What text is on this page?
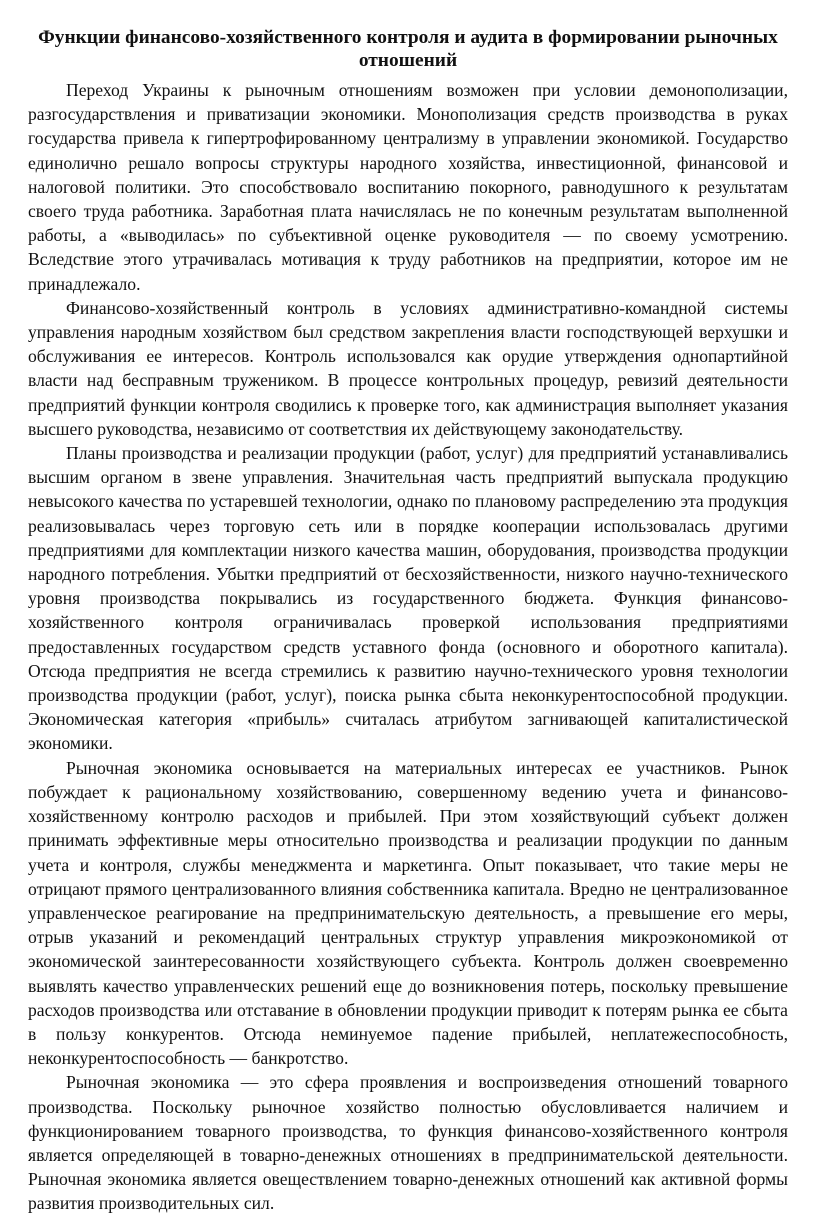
Функции финансово-хозяйственного контроля и аудита в формировании рыночных отношений

Переход Украины к рыночным отношениям возможен при условии демонополизации, разгосударствления и приватизации экономики. Монополизация средств производства в руках государства привела к гипертрофированному централизму в управлении экономикой. Государство единолично решало вопросы структуры народного хозяйства, инвестиционной, финансовой и налоговой политики. Это способствовало воспитанию покорного, равнодушного к результатам своего труда работника. Заработная плата начислялась не по конечным результатам выполненной работы, а «выводилась» по субъективной оценке руководителя — по своему усмотрению. Вследствие этого утрачивалась мотивация к труду работников на предприятии, которое им не принадлежало.

Финансово-хозяйственный контроль в условиях административно-командной системы управления народным хозяйством был средством закрепления власти господствующей верхушки и обслуживания ее интересов. Контроль использовался как орудие утверждения однопартийной власти над бесправным тружеником. В процессе контрольных процедур, ревизий деятельности предприятий функции контроля сводились к проверке того, как администрация выполняет указания высшего руководства, независимо от соответствия их действующему законодательству.

Планы производства и реализации продукции (работ, услуг) для предприятий устанавливались высшим органом в звене управления. Значительная часть предприятий выпускала продукцию невысокого качества по устаревшей технологии, однако по плановому распределению эта продукция реализовывалась через торговую сеть или в порядке кооперации использовалась другими предприятиями для комплектации низкого качества машин, оборудования, производства продукции народного потребления. Убытки предприятий от бесхозяйственности, низкого научно-технического уровня производства покрывались из государственного бюджета. Функция финансово-хозяйственного контроля ограничивалась проверкой использования предприятиями предоставленных государством средств уставного фонда (основного и оборотного капитала). Отсюда предприятия не всегда стремились к развитию научно-технического уровня технологии производства продукции (работ, услуг), поиска рынка сбыта неконкурентоспособной продукции. Экономическая категория «прибыль» считалась атрибутом загнивающей капиталистической экономики.

Рыночная экономика основывается на материальных интересах ее участников. Рынок побуждает к рациональному хозяйствованию, совершенному ведению учета и финансово-хозяйственному контролю расходов и прибылей. При этом хозяйствующий субъект должен принимать эффективные меры относительно производства и реализации продукции по данным учета и контроля, службы менеджмента и маркетинга. Опыт показывает, что такие меры не отрицают прямого централизованного влияния собственника капитала. Вредно не централизованное управленческое реагирование на предпринимательскую деятельность, а превышение его меры, отрыв указаний и рекомендаций центральных структур управления микроэкономикой от экономической заинтересованности хозяйствующего субъекта. Контроль должен своевременно выявлять качество управленческих решений еще до возникновения потерь, поскольку превышение расходов производства или отставание в обновлении продукции приводит к потерям рынка ее сбыта в пользу конкурентов. Отсюда неминуемое падение прибылей, неплатежеспособность, неконкурентоспособность — банкротство.

Рыночная экономика — это сфера проявления и воспроизведения отношений товарного производства. Поскольку рыночное хозяйство полностью обусловливается наличием и функционированием товарного производства, то функция финансово-хозяйственного контроля является определяющей в товарно-денежных отношениях в предпринимательской деятельности. Рыночная экономика является овеществлением товарно-денежных отношений как активной формы развития производительных сил.
